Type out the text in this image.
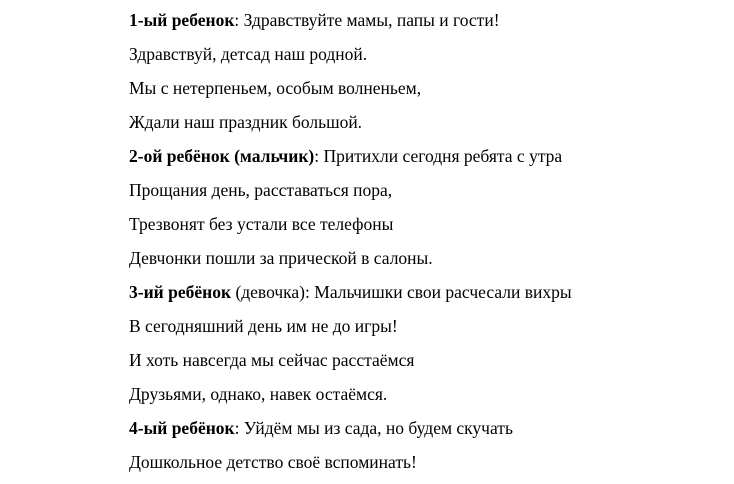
1-ый ребенок: Здравствуйте мамы, папы и гости!
Здравствуй, детсад наш родной.
Мы с нетерпеньем, особым волненьем,
Ждали наш праздник большой.
2-ой ребёнок (мальчик): Притихли сегодня ребята с утра
Прощания день, расставаться пора,
Трезвонят без устали все телефоны
Девчонки пошли за прической в салоны.
3-ий ребёнок (девочка): Мальчишки свои расчесали вихры
В сегодняшний день им не до игры!
И хоть навсегда мы сейчас расстаёмся
Друзьями, однако, навек остаёмся.
4-ый ребёнок: Уйдём мы из сада, но будем скучать
Дошкольное детство своё вспоминать!
